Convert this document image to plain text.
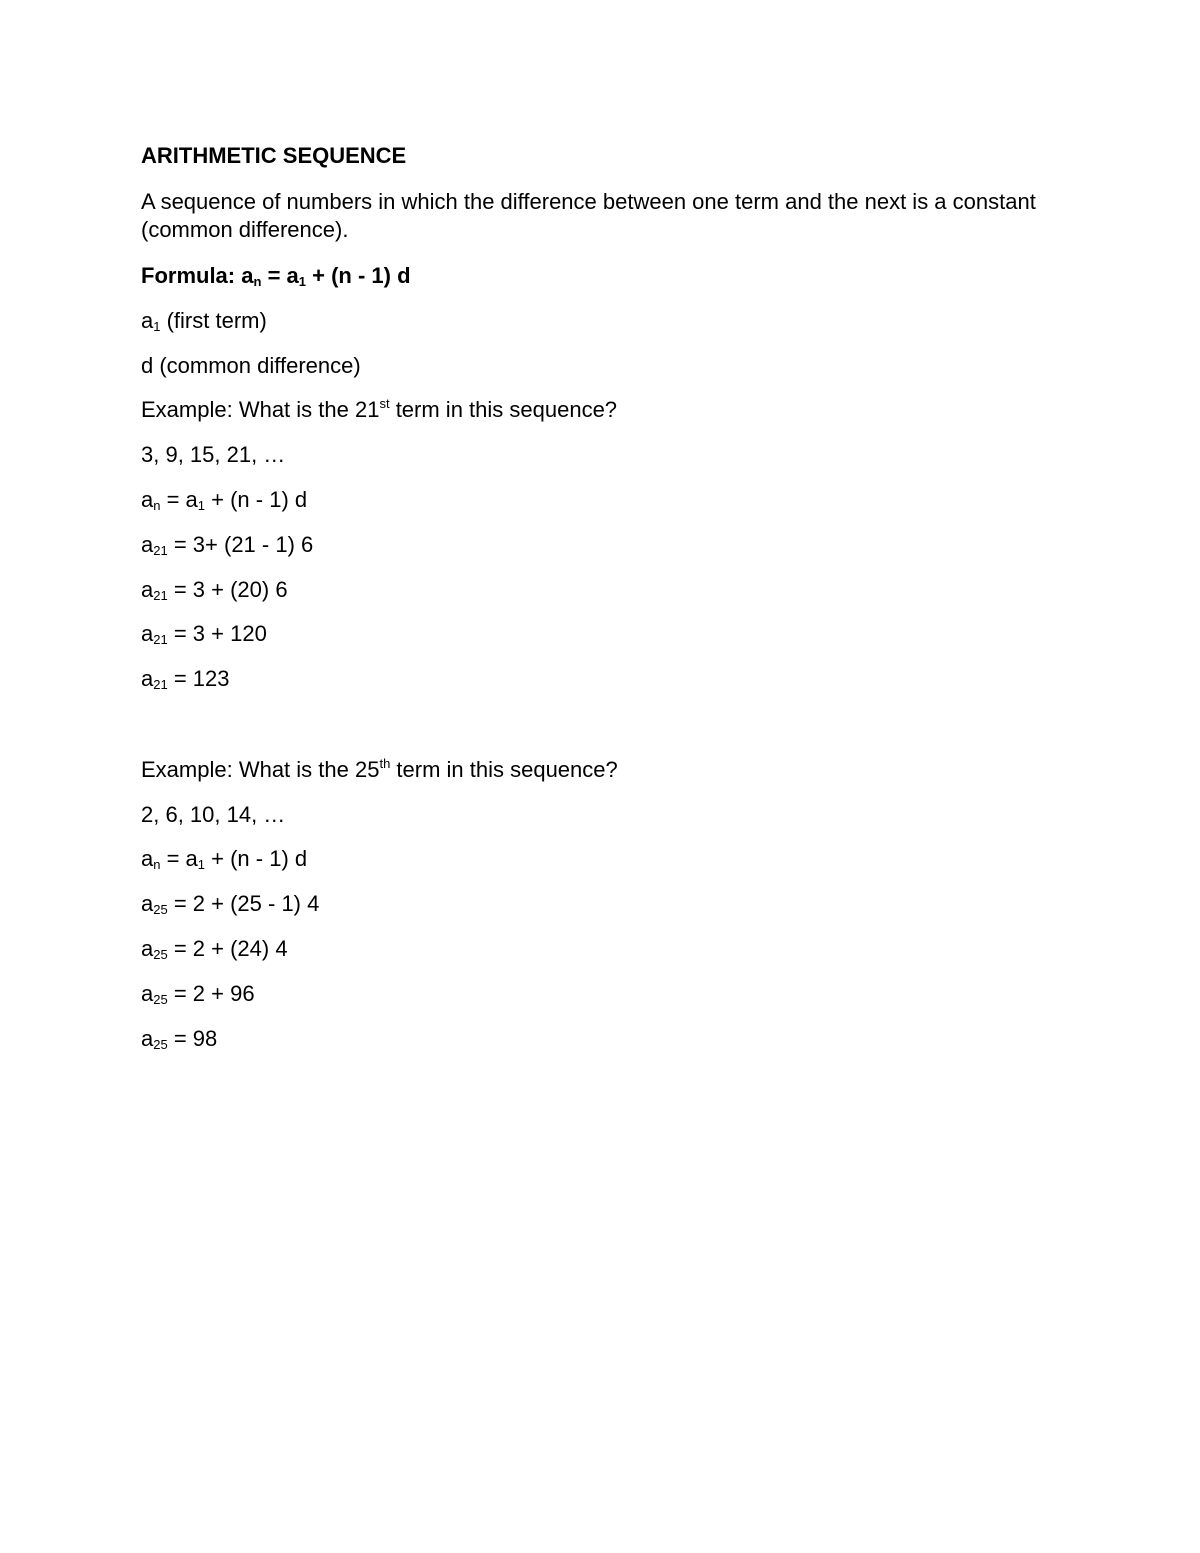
ARITHMETIC SEQUENCE

A sequence of numbers in which the difference between one term and the next is a constant (common difference).

Formula: $a_n = a_1 + (n - 1)$ d

$a_1$ (first term)

d (common difference)

Example: What is the 21st term in this sequence?

3, 9, 15, 21, …

$a_n = a_1 + (n - 1)$ d

$a_{21} = 3+ (21 - 1)$ 6

$a_{21} = 3 + (20)$ 6

$a_{21} = 3 + 120$

$a_{21} = 123$

Example: What is the 25th term in this sequence?

2, 6, 10, 14, …

$a_n = a_1 + (n - 1)$ d

$a_{25} = 2 + (25 - 1)$ 4

$a_{25} = 2 + (24)$ 4

$a_{25} = 2 + 96$

$a_{25} = 98$
